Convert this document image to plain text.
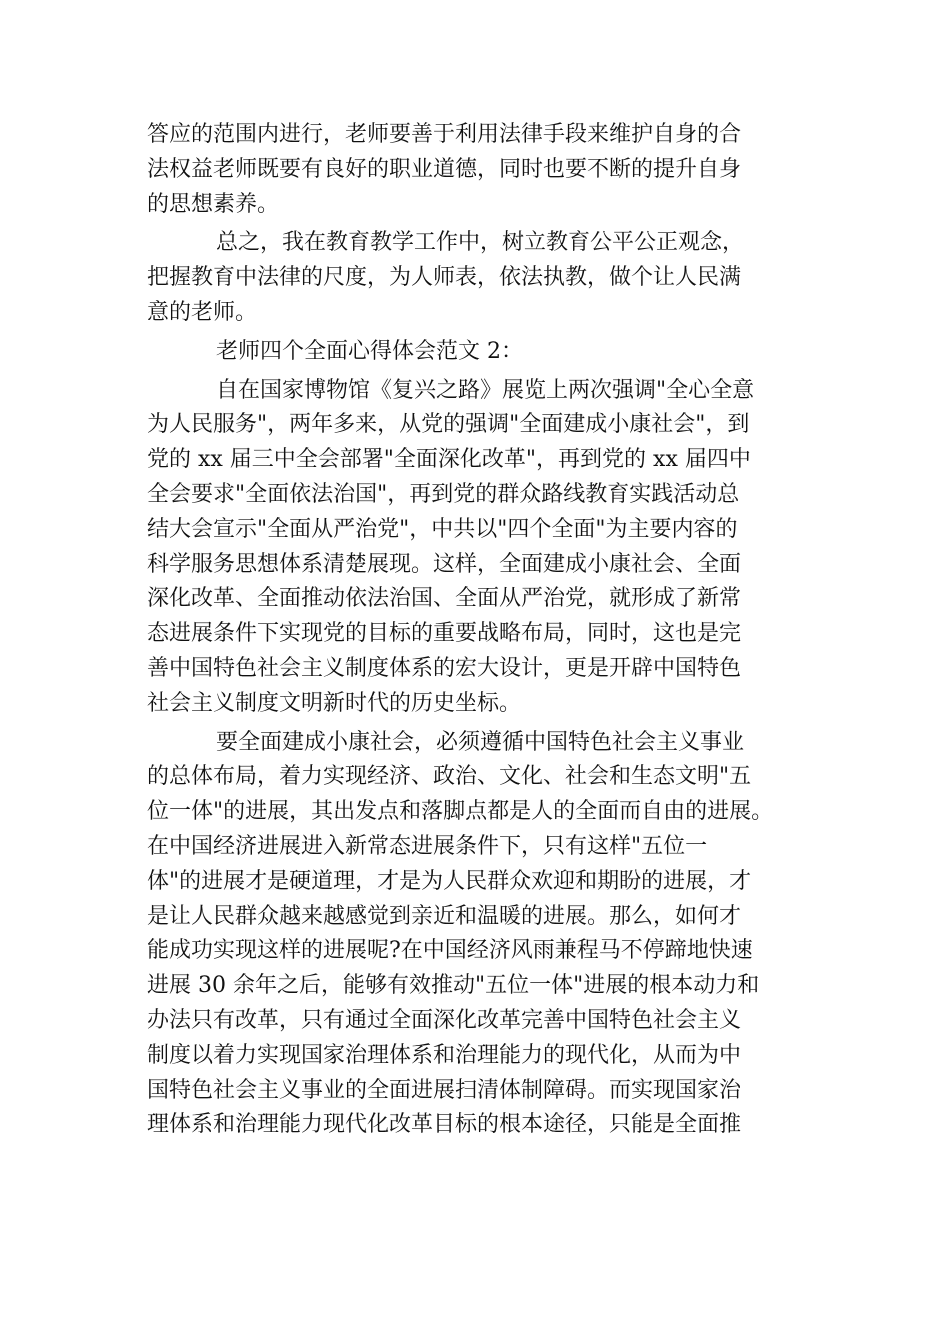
答应的范围内进行，老师要善于利用法律手段来维护自身的合
法权益老师既要有良好的职业道德，同时也要不断的提升自身
的思想素养。
总之，我在教育教学工作中，树立教育公平公正观念，
把握教育中法律的尺度，为人师表，依法执教，做个让人民满
意的老师。
老师四个全面心得体会范文 2：
自在国家博物馆《复兴之路》展览上两次强调"全心全意
为人民服务"，两年多来，从党的强调"全面建成小康社会"，到
党的 xx 届三中全会部署"全面深化改革"，再到党的 xx 届四中
全会要求"全面依法治国"，再到党的群众路线教育实践活动总
结大会宣示"全面从严治党"，中共以"四个全面"为主要内容的
科学服务思想体系清楚展现。这样，全面建成小康社会、全面
深化改革、全面推动依法治国、全面从严治党，就形成了新常
态进展条件下实现党的目标的重要战略布局，同时，这也是完
善中国特色社会主义制度体系的宏大设计，更是开辟中国特色
社会主义制度文明新时代的历史坐标。
要全面建成小康社会，必须遵循中国特色社会主义事业
的总体布局，着力实现经济、政治、文化、社会和生态文明"五
位一体"的进展，其出发点和落脚点都是人的全面而自由的进展。
在中国经济进展进入新常态进展条件下，只有这样"五位一
体"的进展才是硬道理，才是为人民群众欢迎和期盼的进展，才
是让人民群众越来越感觉到亲近和温暖的进展。那么，如何才
能成功实现这样的进展呢?在中国经济风雨兼程马不停蹄地快速
进展 30 余年之后，能够有效推动"五位一体"进展的根本动力和
办法只有改革，只有通过全面深化改革完善中国特色社会主义
制度以着力实现国家治理体系和治理能力的现代化，从而为中
国特色社会主义事业的全面进展扫清体制障碍。而实现国家治
理体系和治理能力现代化改革目标的根本途径，只能是全面推
